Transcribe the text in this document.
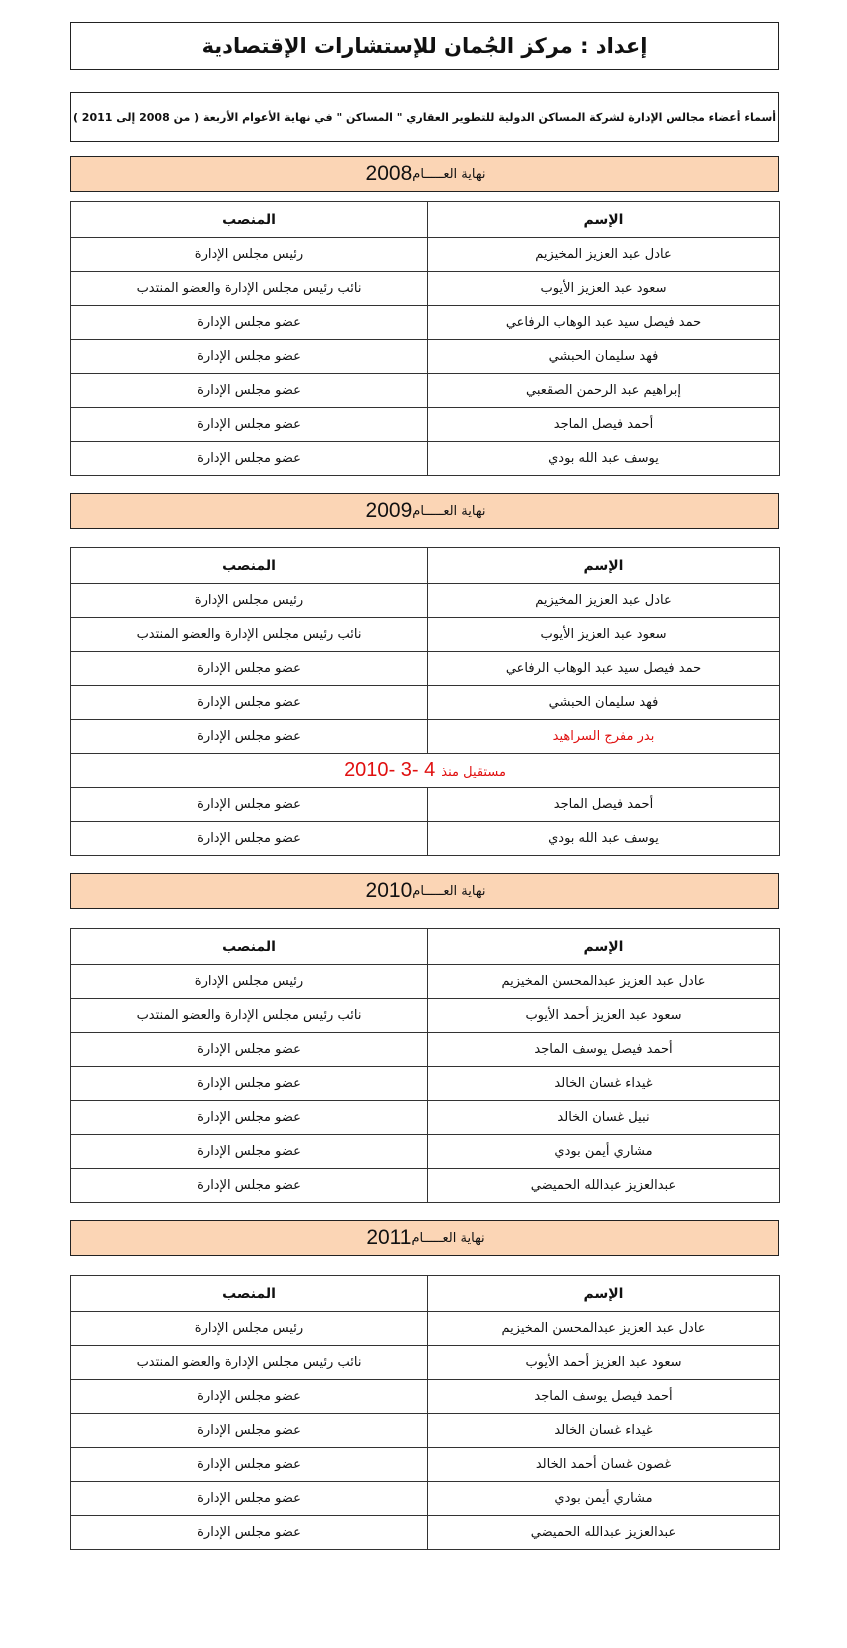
إعداد : مركز الجُمان للإستشارات الإقتصادية
أسماء أعضاء مجالس الإدارة لشركة المساكن الدولية للتطوير العقاري " المساكن " في نهاية الأعوام الأربعة ( من 2008 إلى 2011 )
نهاية العـــــام
2008
الإسم	المنصب
عادل عبد العزيز المخيزيم	رئيس مجلس الإدارة
سعود عبد العزيز الأيوب	نائب رئيس مجلس الإدارة والعضو المنتدب
حمد فيصل سيد عبد الوهاب الرفاعي	عضو مجلس الإدارة
فهد سليمان الحبشي	عضو مجلس الإدارة
إبراهيم عبد الرحمن الصقعبي	عضو مجلس الإدارة
أحمد فيصل الماجد	عضو مجلس الإدارة
يوسف عبد الله بودي	عضو مجلس الإدارة
نهاية العـــــام
2009
الإسم	المنصب
عادل عبد العزيز المخيزيم	رئيس مجلس الإدارة
سعود عبد العزيز الأيوب	نائب رئيس مجلس الإدارة والعضو المنتدب
حمد فيصل سيد عبد الوهاب الرفاعي	عضو مجلس الإدارة
فهد سليمان الحبشي	عضو مجلس الإدارة
بدر مفرج السراهيد	عضو مجلس الإدارة
مستقيل منذ4 -3 -2010	
أحمد فيصل الماجد	عضو مجلس الإدارة
يوسف عبد الله بودي	عضو مجلس الإدارة
نهاية العـــــام
2010
الإسم	المنصب
عادل عبد العزيز عبدالمحسن المخيزيم	رئيس مجلس الإدارة
سعود عبد العزيز أحمد الأيوب	نائب رئيس مجلس الإدارة والعضو المنتدب
أحمد فيصل يوسف الماجد	عضو مجلس الإدارة
غيداء غسان الخالد	عضو مجلس الإدارة
نبيل غسان الخالد	عضو مجلس الإدارة
مشاري أيمن بودي	عضو مجلس الإدارة
عبدالعزيز عبدالله الحميضي	عضو مجلس الإدارة
نهاية العـــــام
2011
الإسم	المنصب
عادل عبد العزيز عبدالمحسن المخيزيم	رئيس مجلس الإدارة
سعود عبد العزيز أحمد الأيوب	نائب رئيس مجلس الإدارة والعضو المنتدب
أحمد فيصل يوسف الماجد	عضو مجلس الإدارة
غيداء غسان الخالد	عضو مجلس الإدارة
غصون غسان أحمد الخالد	عضو مجلس الإدارة
مشاري أيمن بودي	عضو مجلس الإدارة
عبدالعزيز عبدالله الحميضي	عضو مجلس الإدارة
